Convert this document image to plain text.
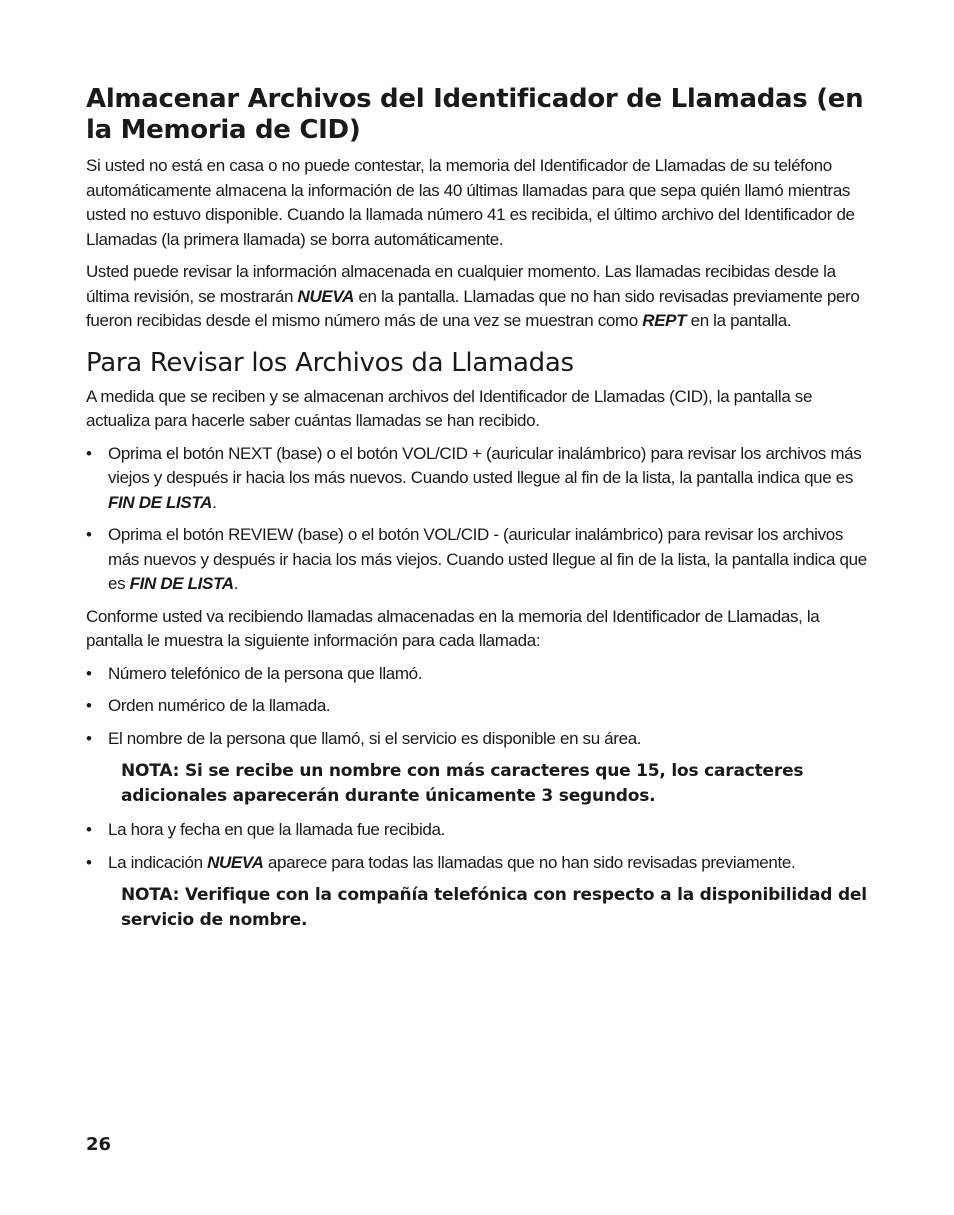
Almacenar Archivos del Identificador de Llamadas (en la Memoria de CID)

Si usted no está en casa o no puede contestar, la memoria del Identificador de Llamadas de su teléfono automáticamente almacena la información de las 40 últimas llamadas para que sepa quién llamó mientras usted no estuvo disponible. Cuando la llamada número 41 es recibida, el último archivo del Identificador de Llamadas (la primera llamada) se borra automáticamente.

Usted puede revisar la información almacenada en cualquier momento. Las llamadas recibidas desde la última revisión, se mostrarán NUEVA en la pantalla. Llamadas que no han sido revisadas previamente pero fueron recibidas desde el mismo número más de una vez se muestran como REPT en la pantalla.

Para Revisar los Archivos da Llamadas

A medida que se reciben y se almacenan archivos del Identificador de Llamadas (CID), la pantalla se actualiza para hacerle saber cuántas llamadas se han recibido.

• Oprima el botón NEXT (base) o el botón VOL/CID + (auricular inalámbrico) para revisar los archivos más viejos y después ir hacia los más nuevos. Cuando usted llegue al fin de la lista, la pantalla indica que es FIN DE LISTA.
• Oprima el botón REVIEW (base) o el botón VOL/CID - (auricular inalámbrico) para revisar los archivos más nuevos y después ir hacia los más viejos. Cuando usted llegue al fin de la lista, la pantalla indica que es FIN DE LISTA.

Conforme usted va recibiendo llamadas almacenadas en la memoria del Identificador de Llamadas, la pantalla le muestra la siguiente información para cada llamada:

• Número telefónico de la persona que llamó.
• Orden numérico de la llamada.
• El nombre de la persona que llamó, si el servicio es disponible en su área.
NOTA: Si se recibe un nombre con más caracteres que 15, los caracteres adicionales aparecerán durante únicamente 3 segundos.
• La hora y fecha en que la llamada fue recibida.
• La indicación NUEVA aparece para todas las llamadas que no han sido revisadas previamente.
NOTA: Verifique con la compañía telefónica con respecto a la disponibilidad del servicio de nombre.
26
